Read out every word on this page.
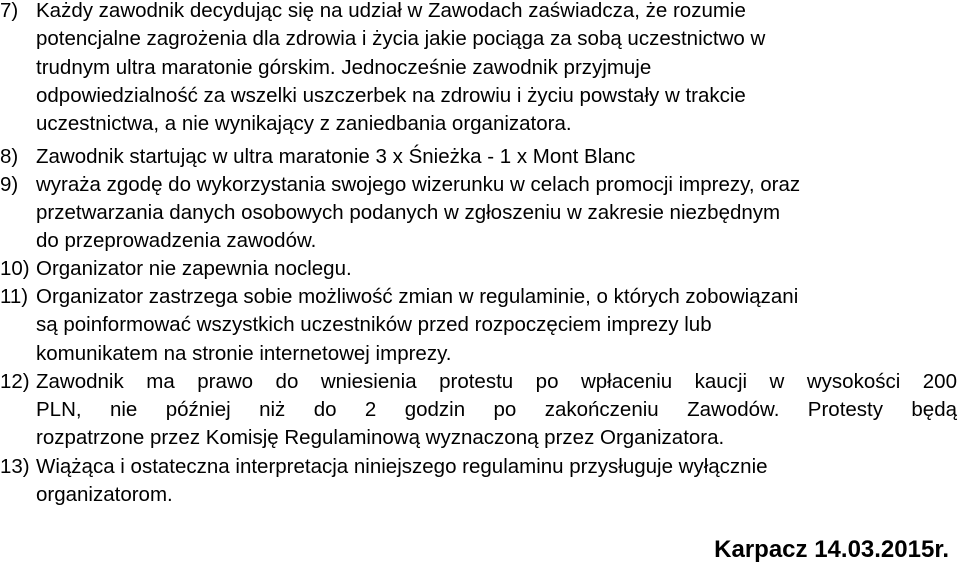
7) Każdy zawodnik decydując się na udział w Zawodach zaświadcza, że rozumie
potencjalne zagrożenia dla zdrowia i życia jakie pociąga za sobą uczestnictwo w
trudnym ultra maratonie górskim. Jednocześnie zawodnik przyjmuje
odpowiedzialność za wszelki uszczerbek na zdrowiu i życiu powstały w trakcie
uczestnictwa, a nie wynikający z zaniedbania organizatora.
8) Zawodnik startując w ultra maratonie 3 x Śnieżka - 1 x Mont Blanc
9) wyraża zgodę do wykorzystania swojego wizerunku w celach promocji imprezy, oraz
przetwarzania danych osobowych podanych w zgłoszeniu w zakresie niezbędnym
do przeprowadzenia zawodów.
10) Organizator nie zapewnia noclegu.
11) Organizator zastrzega sobie możliwość zmian w regulaminie, o których zobowiązani
są poinformować wszystkich uczestników przed rozpoczęciem imprezy lub
komunikatem na stronie internetowej imprezy.
12) Zawodnik ma prawo do wniesienia protestu po wpłaceniu kaucji w wysokości 200
PLN, nie później niż do 2 godzin po zakończeniu Zawodów. Protesty będą
rozpatrzone przez Komisję Regulaminową wyznaczoną przez Organizatora.
13) Wiążąca i ostateczna interpretacja niniejszego regulaminu przysługuje wyłącznie
organizatorom.
Karpacz 14.03.2015r.
